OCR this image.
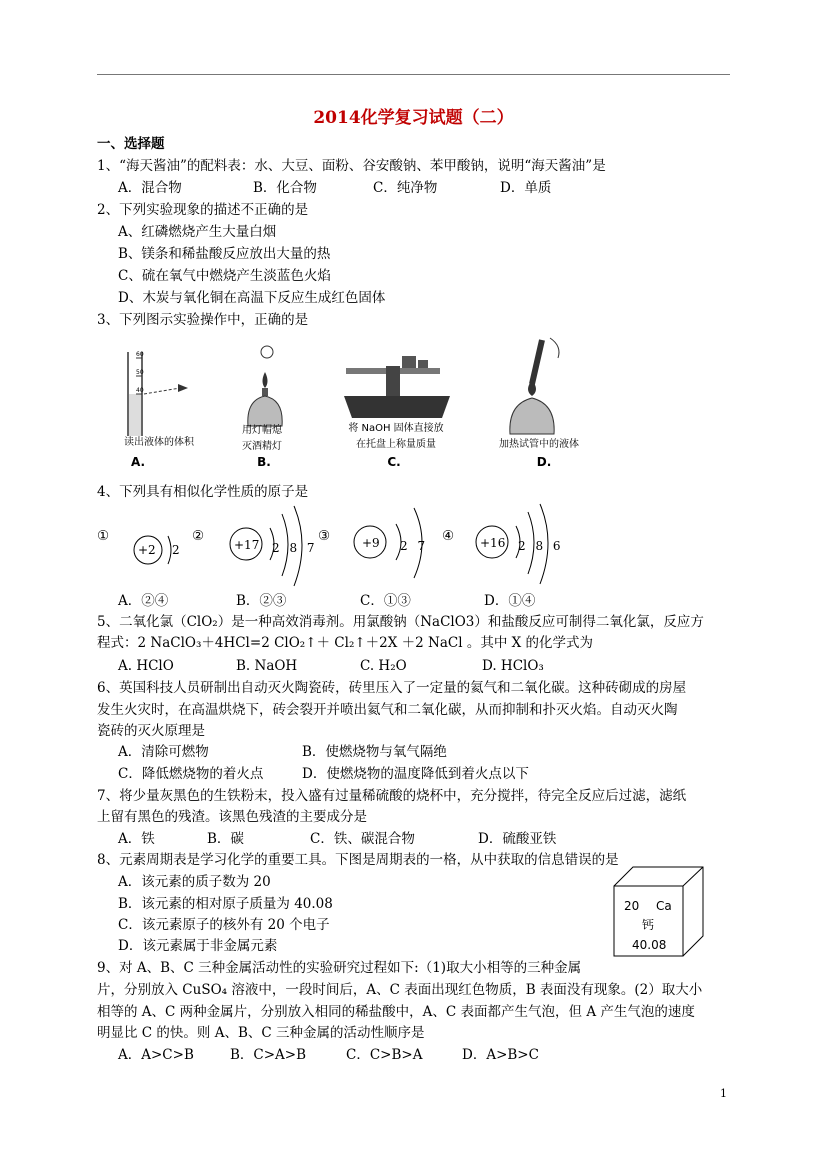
2014化学复习试题（二）
一、选择题
1、“海天酱油”的配料表：水、大豆、面粉、谷安酸钠、苯甲酸钠，说明“海天酱油”是
A．混合物	B．化合物	C．纯净物	D．单质
2、下列实验现象的描述不正确的是
A、红磷燃烧产生大量白烟
B、镁条和稀盐酸反应放出大量的热
C、硫在氧气中燃烧产生淡蓝色火焰
D、木炭与氧化铜在高温下反应生成红色固体
3、下列图示实验操作中，正确的是
60
50
40
读出液体的体积
A.
用灯帽熄
灭酒精灯
B.
将 NaOH 固体直接放
在托盘上称量质量
C.
加热试管中的液体
D.
4、下列具有相似化学性质的原子是
①
+2 2
②
+17 2 8 7
③	+9 2 7
④ +16 2 8 6
A．②④	B．②③	C．①③	D．①④
5、二氧化氯（ClO₂）是一种高效消毒剂。用氯酸钠（NaClO3）和盐酸反应可制得二氧化氯，反应方
程式：2 NaClO₃＋4HCl=2 ClO₂↑＋ Cl₂↑＋2X ＋2 NaCl 。其中 X 的化学式为
A. HClO	B. NaOH	C. H₂O	D. HClO₃
6、英国科技人员研制出自动灭火陶瓷砖，砖里压入了一定量的氦气和二氧化碳。这种砖砌成的房屋
发生火灾时，在高温烘烧下，砖会裂开并喷出氦气和二氧化碳，从而抑制和扑灭火焰。自动灭火陶
瓷砖的灭火原理是
A．清除可燃物	B．使燃烧物与氧气隔绝
C．降低燃烧物的着火点	D．使燃烧物的温度降低到着火点以下
7、将少量灰黑色的生铁粉末，投入盛有过量稀硫酸的烧杯中，充分搅拌，待完全反应后过滤，滤纸
上留有黑色的残渣。该黑色残渣的主要成分是
A．铁	B．碳	C．铁、碳混合物	D．硫酸亚铁
8、元素周期表是学习化学的重要工具。下图是周期表的一格，从中获取的信息错误的是
A．该元素的质子数为 20
B．该元素的相对原子质量为 40.08
C．该元素原子的核外有 20 个电子
D．该元素属于非金属元素
20 Ca
钙
40.08
9、对 A、B、C 三种金属活动性的实验研究过程如下:（1)取大小相等的三种金属
片，分别放入 CuSO₄ 溶液中，一段时间后，A、C 表面出现红色物质，B 表面没有现象。(2）取大小
相等的 A、C 两种金属片，分别放入相同的稀盐酸中，A、C 表面都产生气泡，但 A 产生气泡的速度
明显比 C 的快。则 A、B、C 三种金属的活动性顺序是
A．A>C>B	B．C>A>B	C．C>B>A	D．A>B>C
1
